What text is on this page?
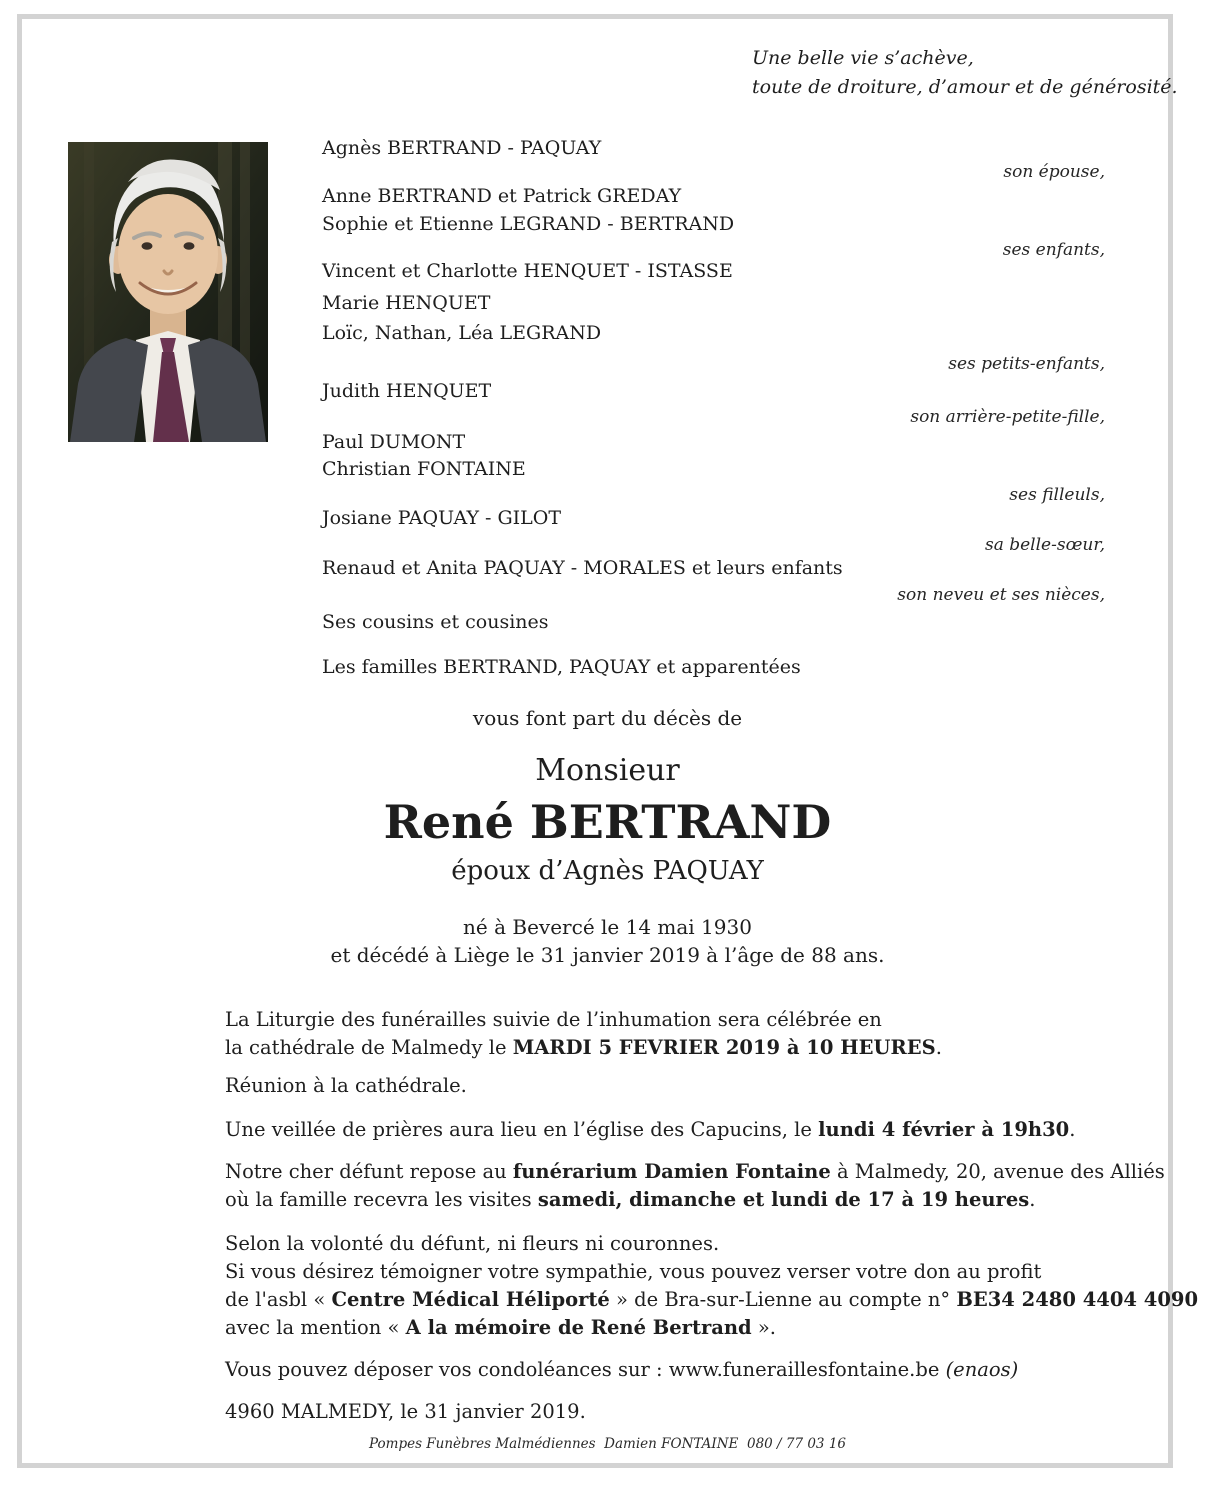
Une belle vie s’achève,
toute de droiture, d’amour et de générosité.
Agnès BERTRAND - PAQUAY
Anne BERTRAND et Patrick GREDAY
Sophie et Etienne LEGRAND - BERTRAND
Vincent et Charlotte HENQUET - ISTASSE
Marie HENQUET
Loïc, Nathan, Léa LEGRAND
Judith HENQUET
Paul DUMONT
Christian FONTAINE
Josiane PAQUAY - GILOT
Renaud et Anita PAQUAY - MORALES et leurs enfants
Ses cousins et cousines
Les familles BERTRAND, PAQUAY et apparentées
son épouse,
ses enfants,
ses petits-enfants,
son arrière-petite-fille,
ses filleuls,
sa belle-sœur,
son neveu et ses nièces,
vous font part du décès de
Monsieur
René BERTRAND
époux d’Agnès PAQUAY
né à Bevercé le 14 mai 1930
et décédé à Liège le 31 janvier 2019 à l’âge de 88 ans.
La Liturgie des funérailles suivie de l’inhumation sera célébrée en
la cathédrale de Malmedy le MARDI 5 FEVRIER 2019 à 10 HEURES.
Réunion à la cathédrale.
Une veillée de prières aura lieu en l’église des Capucins, le lundi 4 février à 19h30.
Notre cher défunt repose au funérarium Damien Fontaine à Malmedy, 20, avenue des Alliés
où la famille recevra les visites samedi, dimanche et lundi de 17 à 19 heures.
Selon la volonté du défunt, ni fleurs ni couronnes.
Si vous désirez témoigner votre sympathie, vous pouvez verser votre don au profit
de l'asbl « Centre Médical Héliporté » de Bra-sur-Lienne au compte n° BE34 2480 4404 4090
avec la mention « A la mémoire de René Bertrand ».
Vous pouvez déposer vos condoléances sur : www.funeraillesfontaine.be (enaos)
4960 MALMEDY, le 31 janvier 2019.
Pompes Funèbres Malmédiennes  Damien FONTAINE  080 / 77 03 16
